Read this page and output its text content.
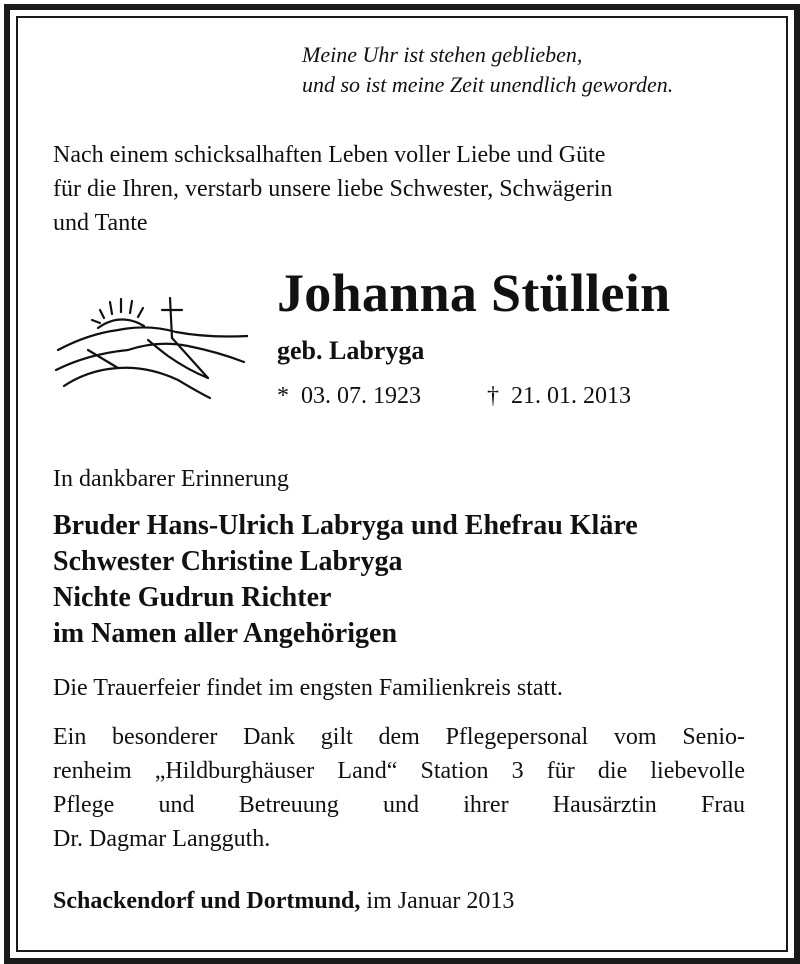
Meine Uhr ist stehen geblieben,
und so ist meine Zeit unendlich geworden.
Nach einem schicksalhaften Leben voller Liebe und Güte
für die Ihren, verstarb unsere liebe Schwester, Schwägerin
und Tante
Johanna Stüllein
geb. Labryga
* 03. 07. 1923	† 21. 01. 2013
In dankbarer Erinnerung
Bruder Hans-Ulrich Labryga und Ehefrau Kläre
Schwester Christine Labryga
Nichte Gudrun Richter
im Namen aller Angehörigen
Die Trauerfeier findet im engsten Familienkreis statt.
Ein besonderer Dank gilt dem Pflegepersonal vom Senio-
renheim „Hildburghäuser Land“ Station 3 für die liebevolle
Pflege und Betreuung und ihrer Hausärztin Frau
Dr. Dagmar Langguth.
Schackendorf und Dortmund, im Januar 2013
